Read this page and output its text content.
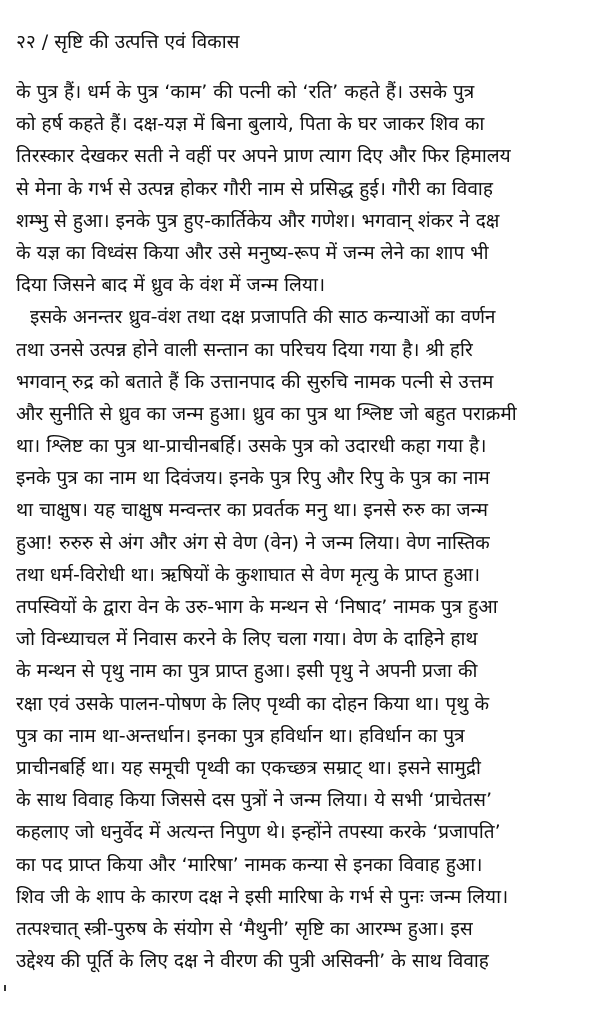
२२ / सृष्टि की उत्पत्ति एवं विकास
के पुत्र हैं। धर्म के पुत्र ‘काम’ की पत्नी को ‘रति’ कहते हैं। उसके पुत्र
को हर्ष कहते हैं। दक्ष-यज्ञ में बिना बुलाये, पिता के घर जाकर शिव का
तिरस्कार देखकर सती ने वहीं पर अपने प्राण त्याग दिए और फिर हिमालय
से मेना के गर्भ से उत्पन्न होकर गौरी नाम से प्रसिद्ध हुई। गौरी का विवाह
शम्भु से हुआ। इनके पुत्र हुए-कार्तिकेय और गणेश। भगवान् शंकर ने दक्ष
के यज्ञ का विध्वंस किया और उसे मनुष्य-रूप में जन्म लेने का शाप भी
दिया जिसने बाद में ध्रुव के वंश में जन्म लिया।
इसके अनन्तर ध्रुव-वंश तथा दक्ष प्रजापति की साठ कन्याओं का वर्णन
तथा उनसे उत्पन्न होने वाली सन्तान का परिचय दिया गया है। श्री हरि
भगवान् रुद्र को बताते हैं कि उत्तानपाद की सुरुचि नामक पत्नी से उत्तम
और सुनीति से ध्रुव का जन्म हुआ। ध्रुव का पुत्र था श्लिष्ट जो बहुत पराक्रमी
था। श्लिष्ट का पुत्र था-प्राचीनबर्हि। उसके पुत्र को उदारधी कहा गया है।
इनके पुत्र का नाम था दिवंजय। इनके पुत्र रिपु और रिपु के पुत्र का नाम
था चाक्षुष। यह चाक्षुष मन्वन्तर का प्रवर्तक मनु था। इनसे रुरु का जन्म
हुआ! रुरुरु से अंग और अंग से वेण (वेन) ने जन्म लिया। वेण नास्तिक
तथा धर्म-विरोधी था। ऋषियों के कुशाघात से वेण मृत्यु के प्राप्त हुआ।
तपस्वियों के द्वारा वेन के उरु-भाग के मन्थन से ‘निषाद’ नामक पुत्र हुआ
जो विन्ध्याचल में निवास करने के लिए चला गया। वेण के दाहिने हाथ
के मन्थन से पृथु नाम का पुत्र प्राप्त हुआ। इसी पृथु ने अपनी प्रजा की
रक्षा एवं उसके पालन-पोषण के लिए पृथ्वी का दोहन किया था। पृथु के
पुत्र का नाम था-अन्तर्धान। इनका पुत्र हविर्धान था। हविर्धान का पुत्र
प्राचीनबर्हि था। यह समूची पृथ्वी का एकच्छत्र सम्राट् था। इसने सामुद्री
के साथ विवाह किया जिससे दस पुत्रों ने जन्म लिया। ये सभी ‘प्राचेतस’
कहलाए जो धनुर्वेद में अत्यन्त निपुण थे। इन्होंने तपस्या करके ‘प्रजापति’
का पद प्राप्त किया और ‘मारिषा’ नामक कन्या से इनका विवाह हुआ।
शिव जी के शाप के कारण दक्ष ने इसी मारिषा के गर्भ से पुनः जन्म लिया।
तत्पश्चात् स्त्री-पुरुष के संयोग से ‘मैथुनी’ सृष्टि का आरम्भ हुआ। इस
उद्देश्य की पूर्ति के लिए दक्ष ने वीरण की पुत्री असिक्नी’ के साथ विवाह
